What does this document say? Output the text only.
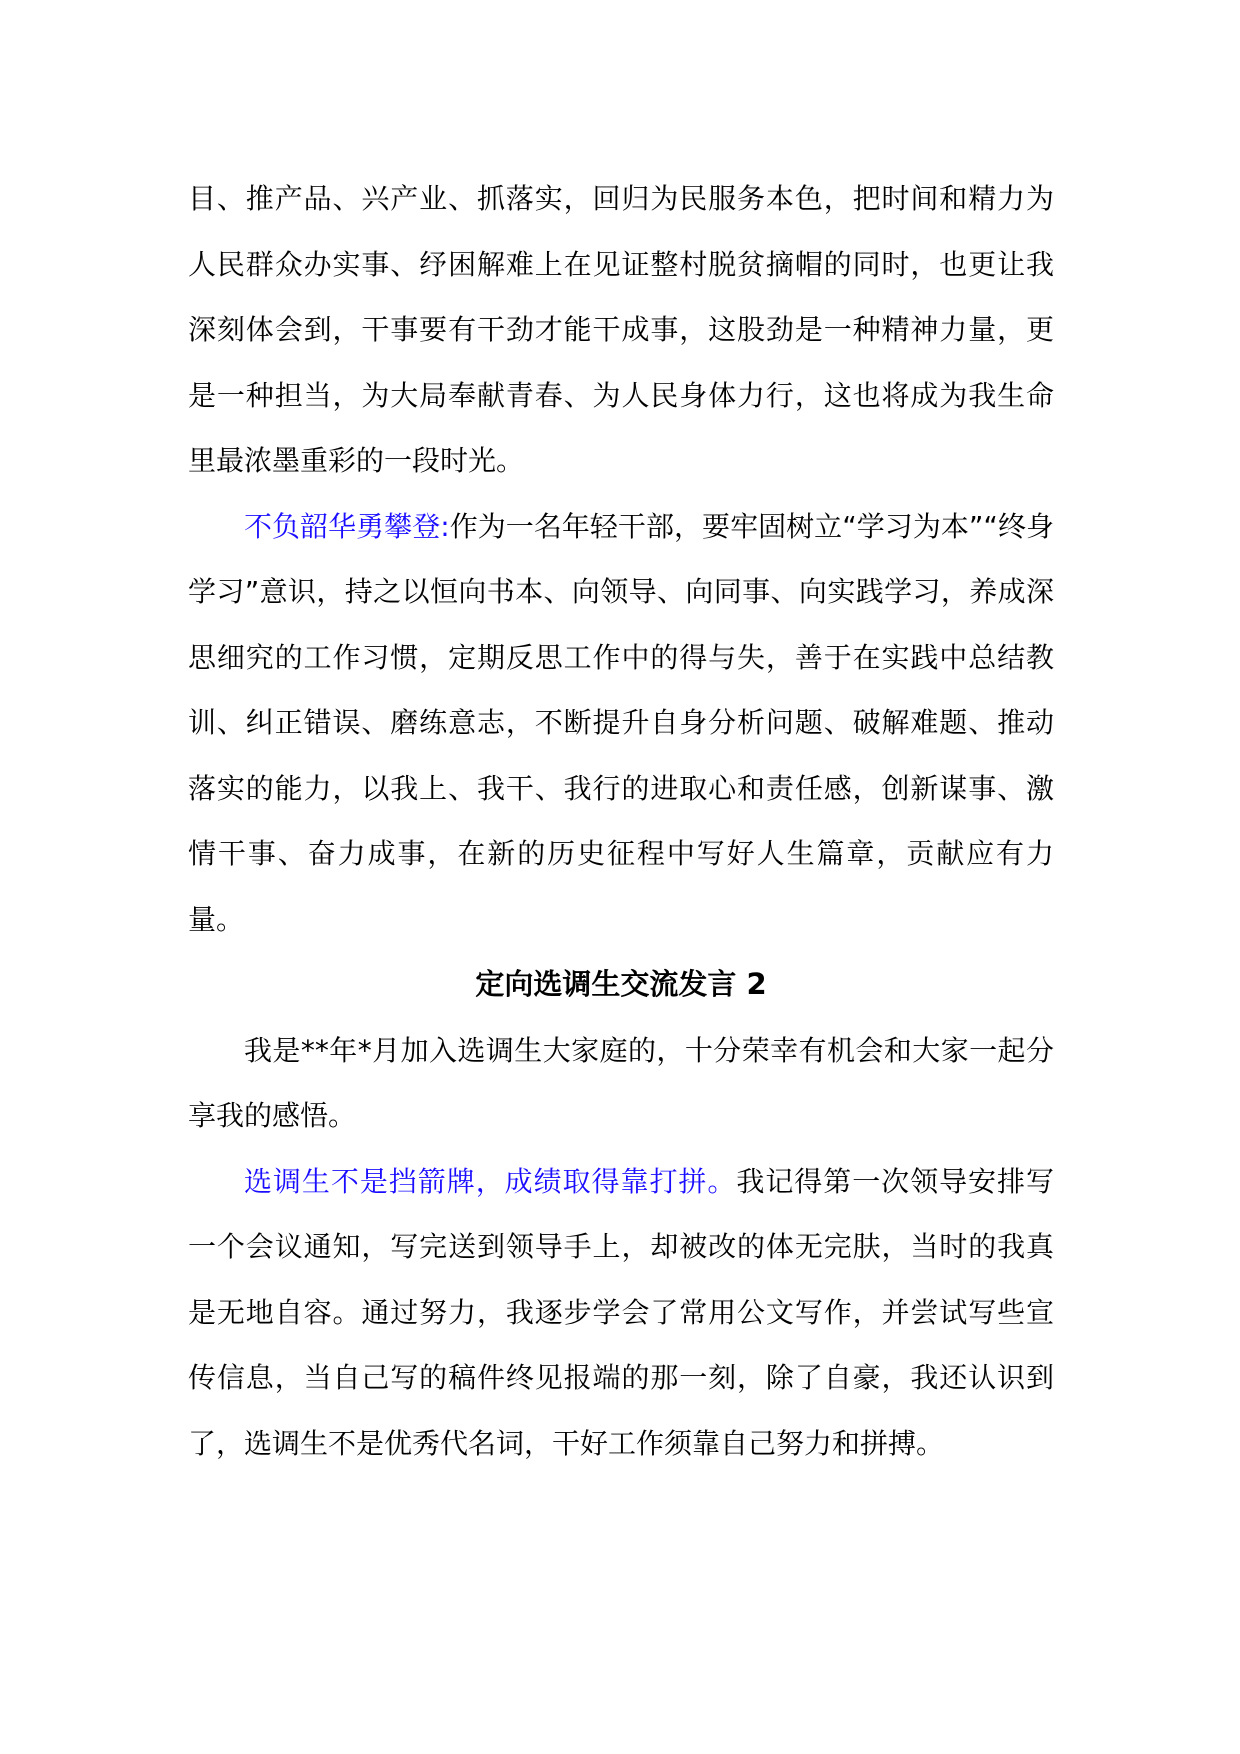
目、推产品、兴产业、抓落实，回归为民服务本色，把时间和精力为人民群众办实事、纾困解难上在见证整村脱贫摘帽的同时，也更让我深刻体会到，干事要有干劲才能干成事，这股劲是一种精神力量，更是一种担当，为大局奉献青春、为人民身体力行，这也将成为我生命里最浓墨重彩的一段时光。

不负韶华勇攀登:作为一名年轻干部，要牢固树立“学习为本”“终身学习”意识，持之以恒向书本、向领导、向同事、向实践学习，养成深思细究的工作习惯，定期反思工作中的得与失，善于在实践中总结教训、纠正错误、磨练意志，不断提升自身分析问题、破解难题、推动落实的能力，以我上、我干、我行的进取心和责任感，创新谋事、激情干事、奋力成事，在新的历史征程中写好人生篇章，贡献应有力量。

定向选调生交流发言 2

我是**年*月加入选调生大家庭的，十分荣幸有机会和大家一起分享我的感悟。

选调生不是挡箭牌，成绩取得靠打拼。我记得第一次领导安排写一个会议通知，写完送到领导手上，却被改的体无完肤，当时的我真是无地自容。通过努力，我逐步学会了常用公文写作，并尝试写些宣传信息，当自己写的稿件终见报端的那一刻，除了自豪，我还认识到了，选调生不是优秀代名词，干好工作须靠自己努力和拼搏。
